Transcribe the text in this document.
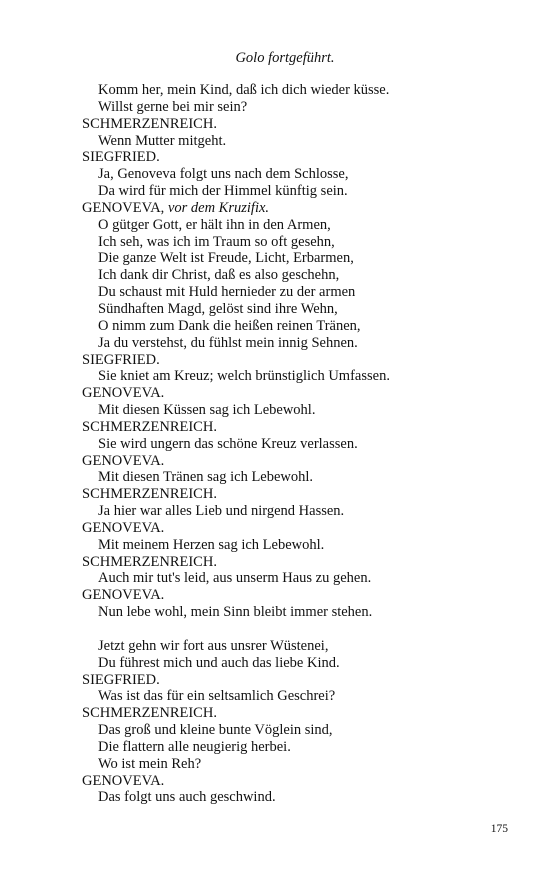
Golo fortgeführt.
Komm her, mein Kind, daß ich dich wieder küsse.
Willst gerne bei mir sein?
SCHMERZENREICH.
Wenn Mutter mitgeht.
SIEGFRIED.
Ja, Genoveva folgt uns nach dem Schlosse,
Da wird für mich der Himmel künftig sein.
GENOVEVA, vor dem Kruzifix.
O gütger Gott, er hält ihn in den Armen,
Ich seh, was ich im Traum so oft gesehn,
Die ganze Welt ist Freude, Licht, Erbarmen,
Ich dank dir Christ, daß es also geschehn,
Du schaust mit Huld hernieder zu der armen
Sündhaften Magd, gelöst sind ihre Wehn,
O nimm zum Dank die heißen reinen Tränen,
Ja du verstehst, du fühlst mein innig Sehnen.
SIEGFRIED.
Sie kniet am Kreuz; welch brünstiglich Umfassen.
GENOVEVA.
Mit diesen Küssen sag ich Lebewohl.
SCHMERZENREICH.
Sie wird ungern das schöne Kreuz verlassen.
GENOVEVA.
Mit diesen Tränen sag ich Lebewohl.
SCHMERZENREICH.
Ja hier war alles Lieb und nirgend Hassen.
GENOVEVA.
Mit meinem Herzen sag ich Lebewohl.
SCHMERZENREICH.
Auch mir tut's leid, aus unserm Haus zu gehen.
GENOVEVA.
Nun lebe wohl, mein Sinn bleibt immer stehen.
Jetzt gehn wir fort aus unsrer Wüstenei,
Du führest mich und auch das liebe Kind.
SIEGFRIED.
Was ist das für ein seltsamlich Geschrei?
SCHMERZENREICH.
Das groß und kleine bunte Vöglein sind,
Die flattern alle neugierig herbei.
Wo ist mein Reh?
GENOVEVA.
Das folgt uns auch geschwind.
175
